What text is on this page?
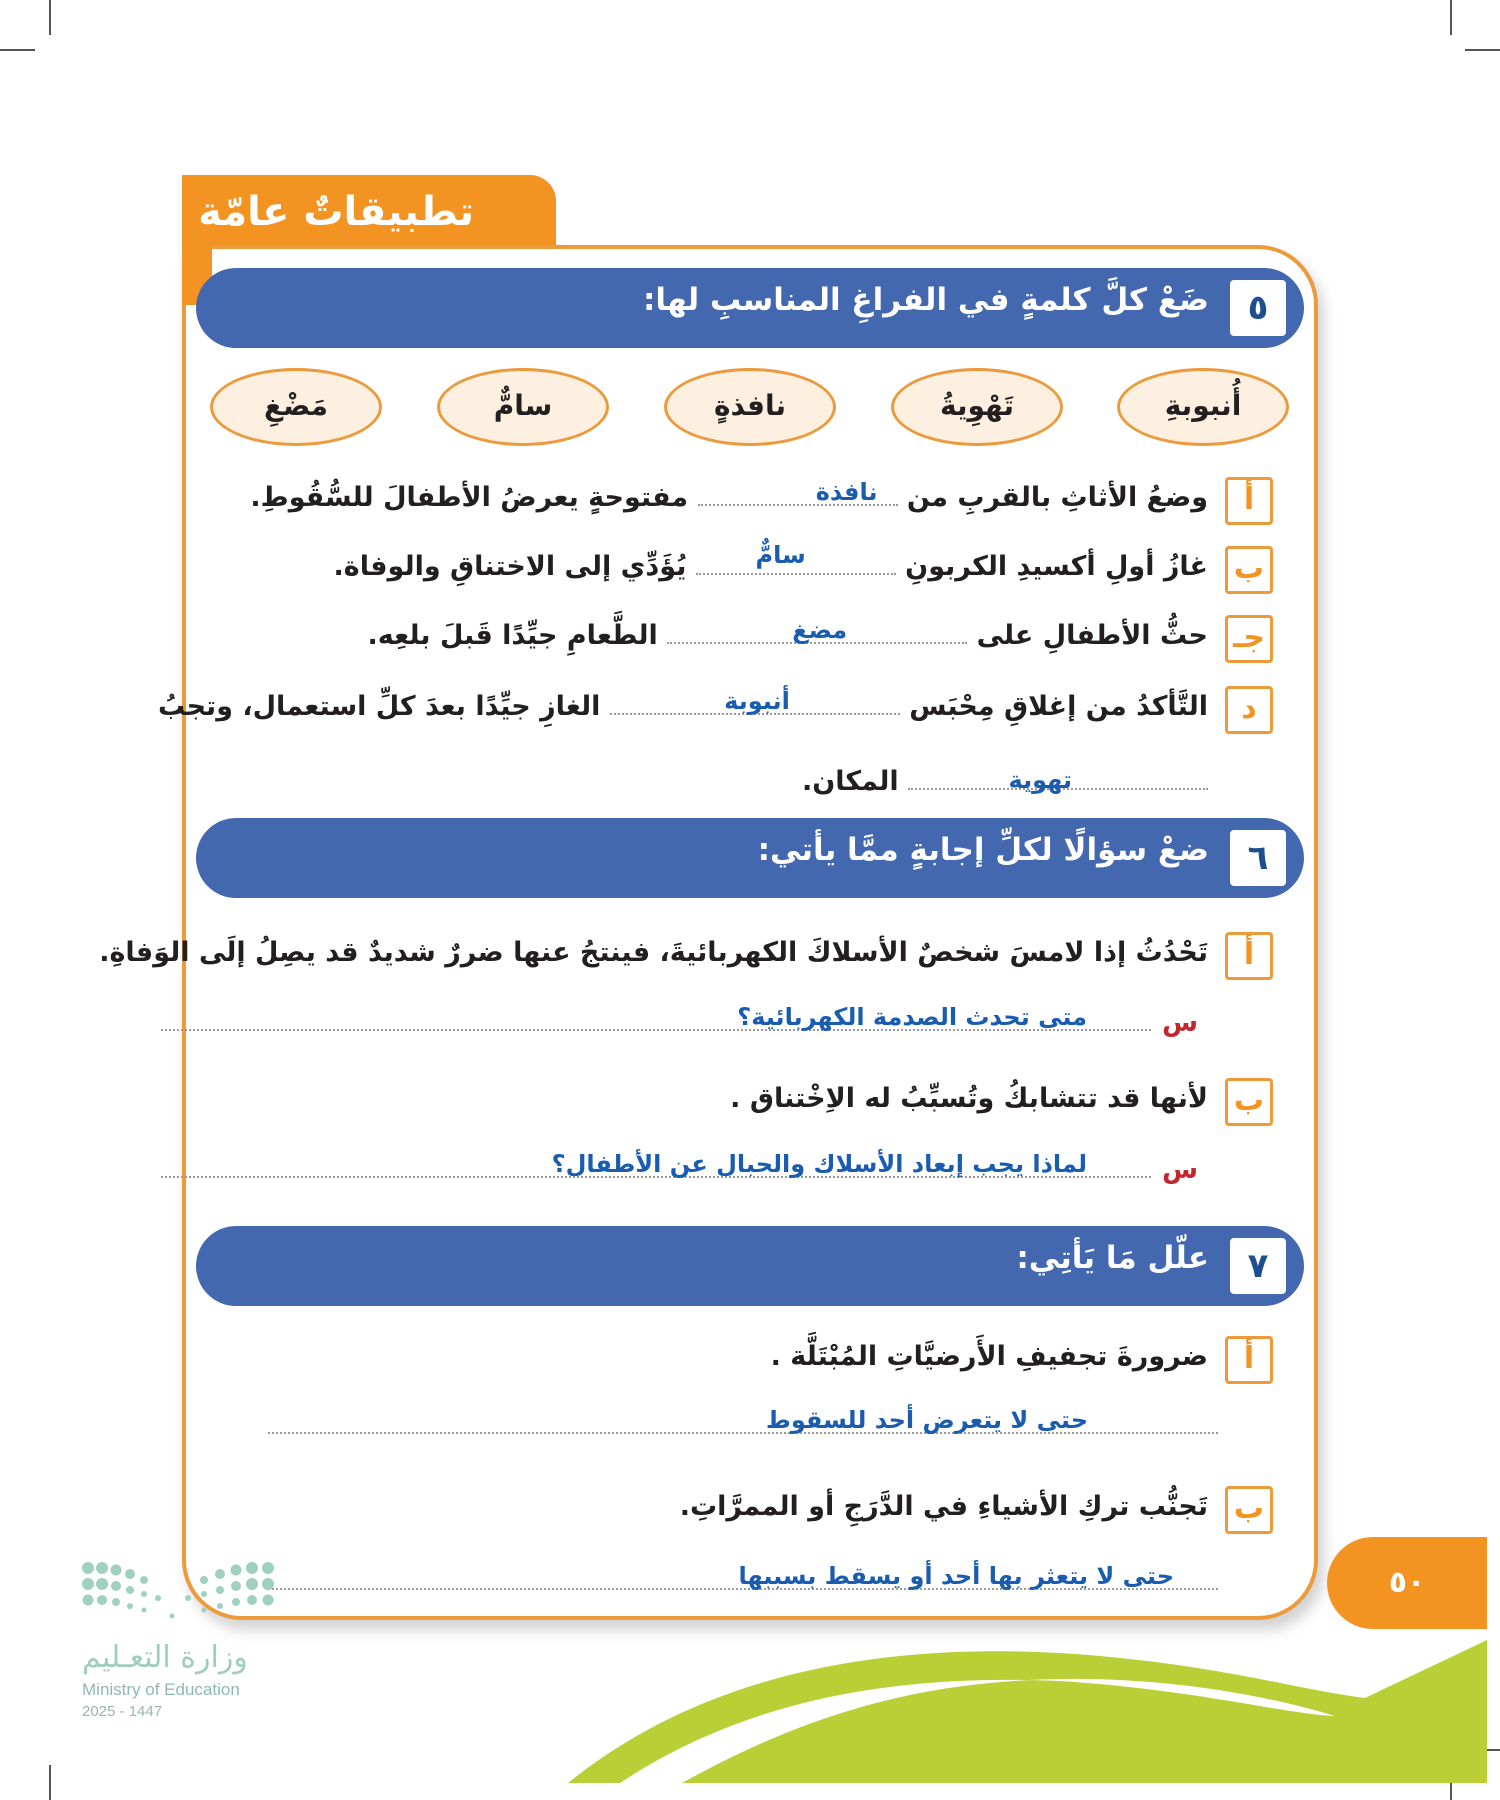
تطبيقاتٌ عامّة
٥
ضَعْ كلَّ كلمةٍ في الفراغِ المناسبِ لها:
أُنبوبةِ
تَهْوِيةُ
نافذةٍ
سامٌّ
مَضْغِ
أ
وضعُ الأثاثِ بالقربِ من
نافذة
مفتوحةٍ يعرضُ الأطفالَ للسُّقُوطِ.
ب
غازُ أولِ أكسيدِ الكربونِ
سامٌّ
يُؤَدِّي إلى الاختناقِ والوفاة.
جـ
حثُّ الأطفالِ على
مضغ
الطَّعامِ جيِّدًا قَبلَ بلعِه.
د
التَّأكدُ من إغلاقِ مِحْبَس
أنبوبة
الغازِ جيِّدًا بعدَ كلِّ استعمال، وتجبُ
تهوية
المكان.
٦
ضعْ سؤالًا لكلِّ إجابةٍ ممَّا يأتي:
أ
تَحْدُثُ إذا لامسَ شخصٌ الأسلاكَ الكهربائيةَ، فينتجُ عنها ضررٌ شديدٌ قد يصِلُ إلَى الوَفاةِ.
س
متى تحدث الصدمة الكهربائية؟
ب
لأنها قد تتشابكُ وتُسبِّبُ له الاِخْتناق .
س
لماذا يجب إبعاد الأسلاك والحبال عن الأطفال؟
٧
علّل مَا يَأتِي:
أ
ضرورةَ تجفيفِ الأَرضيَّاتِ المُبْتَلَّة .
حتى لا يتعرض أحد للسقوط
ب
تَجنُّب تركِ الأشياءِ في الدَّرَجِ أو الممرَّاتِ.
حتى لا يتعثر بها أحد أو يسقط بسببها	٥٠
وزارة التعـليم
Ministry of Education
2025 - 1447
